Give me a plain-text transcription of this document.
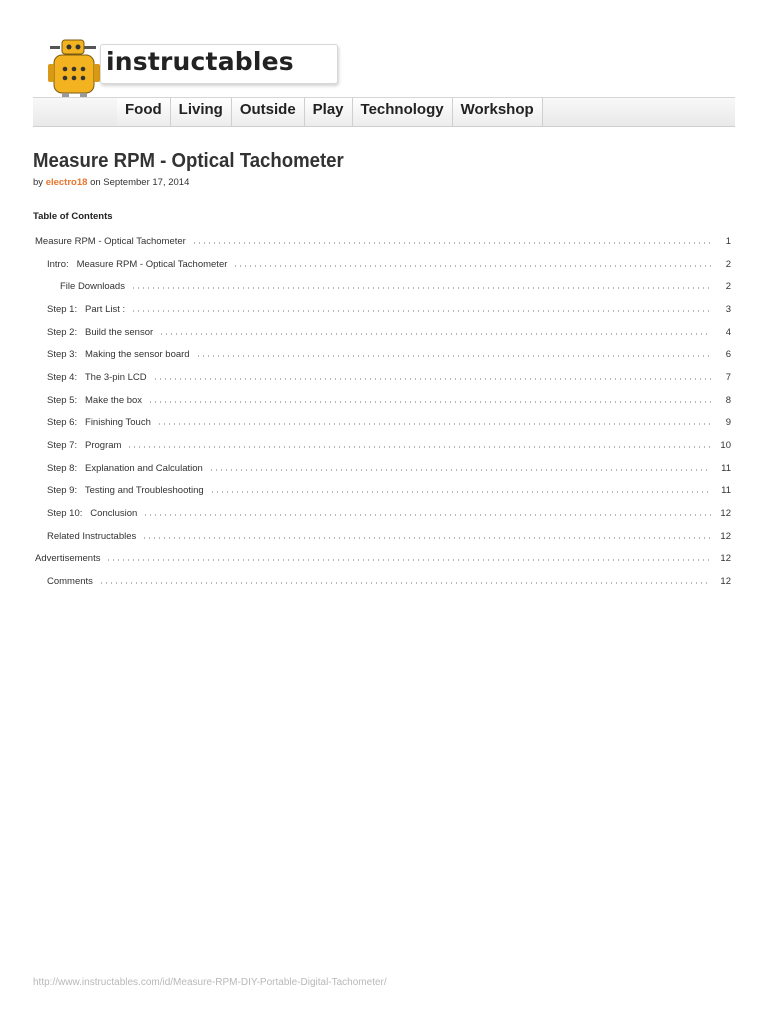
instructables
Food	Living	Outside	Play	Technology	Workshop
Measure RPM - Optical Tachometer
by electro18 on September 17, 2014
Table of Contents
Measure RPM - Optical Tachometer	1
Intro:   Measure RPM - Optical Tachometer	2
File Downloads	2
Step 1:   Part List :	3
Step 2:   Build the sensor	4
Step 3:   Making the sensor board	6
Step 4:   The 3-pin LCD	7
Step 5:   Make the box	8
Step 6:   Finishing Touch	9
Step 7:   Program	10
Step 8:   Explanation and Calculation	11
Step 9:   Testing and Troubleshooting	11
Step 10:   Conclusion	12
Related Instructables	12
Advertisements	12
Comments	12
http://www.instructables.com/id/Measure-RPM-DIY-Portable-Digital-Tachometer/
